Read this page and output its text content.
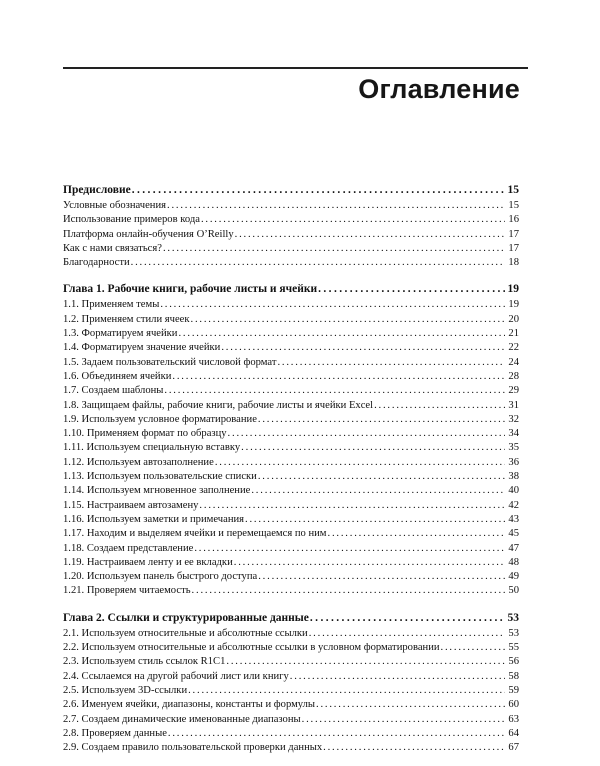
Оглавление
Предисловие .....	15
Условные обозначения .....	15
Использование примеров кода .....	16
Платформа онлайн-обучения O’Reilly .....	17
Как с нами связаться? .....	17
Благодарности .....	18
Глава 1. Рабочие книги, рабочие листы и ячейки .....	19
1.1. Применяем темы .....	19
1.2. Применяем стили ячеек .....	20
1.3. Форматируем ячейки .....	21
1.4. Форматируем значение ячейки .....	22
1.5. Задаем пользовательский числовой формат .....	24
1.6. Объединяем ячейки .....	28
1.7. Создаем шаблоны .....	29
1.8. Защищаем файлы, рабочие книги, рабочие листы и ячейки Excel .....	31
1.9. Используем условное форматирование .....	32
1.10. Применяем формат по образцу .....	34
1.11. Используем специальную вставку .....	35
1.12. Используем автозаполнение .....	36
1.13. Используем пользовательские списки .....	38
1.14. Используем мгновенное заполнение .....	40
1.15. Настраиваем автозамену .....	42
1.16. Используем заметки и примечания .....	43
1.17. Находим и выделяем ячейки и перемещаемся по ним .....	45
1.18. Создаем представление .....	47
1.19. Настраиваем ленту и ее вкладки .....	48
1.20. Используем панель быстрого доступа .....	49
1.21. Проверяем читаемость .....	50
Глава 2. Ссылки и структурированные данные .....	53
2.1. Используем относительные и абсолютные ссылки .....	53
2.2. Используем относительные и абсолютные ссылки в условном форматировании .....	55
2.3. Используем стиль ссылок R1C1 .....	56
2.4. Ссылаемся на другой рабочий лист или книгу .....	58
2.5. Используем 3D-ссылки .....	59
2.6. Именуем ячейки, диапазоны, константы и формулы .....	60
2.7. Создаем динамические именованные диапазоны .....	63
2.8. Проверяем данные .....	64
2.9. Создаем правило пользовательской проверки данных .....	67
